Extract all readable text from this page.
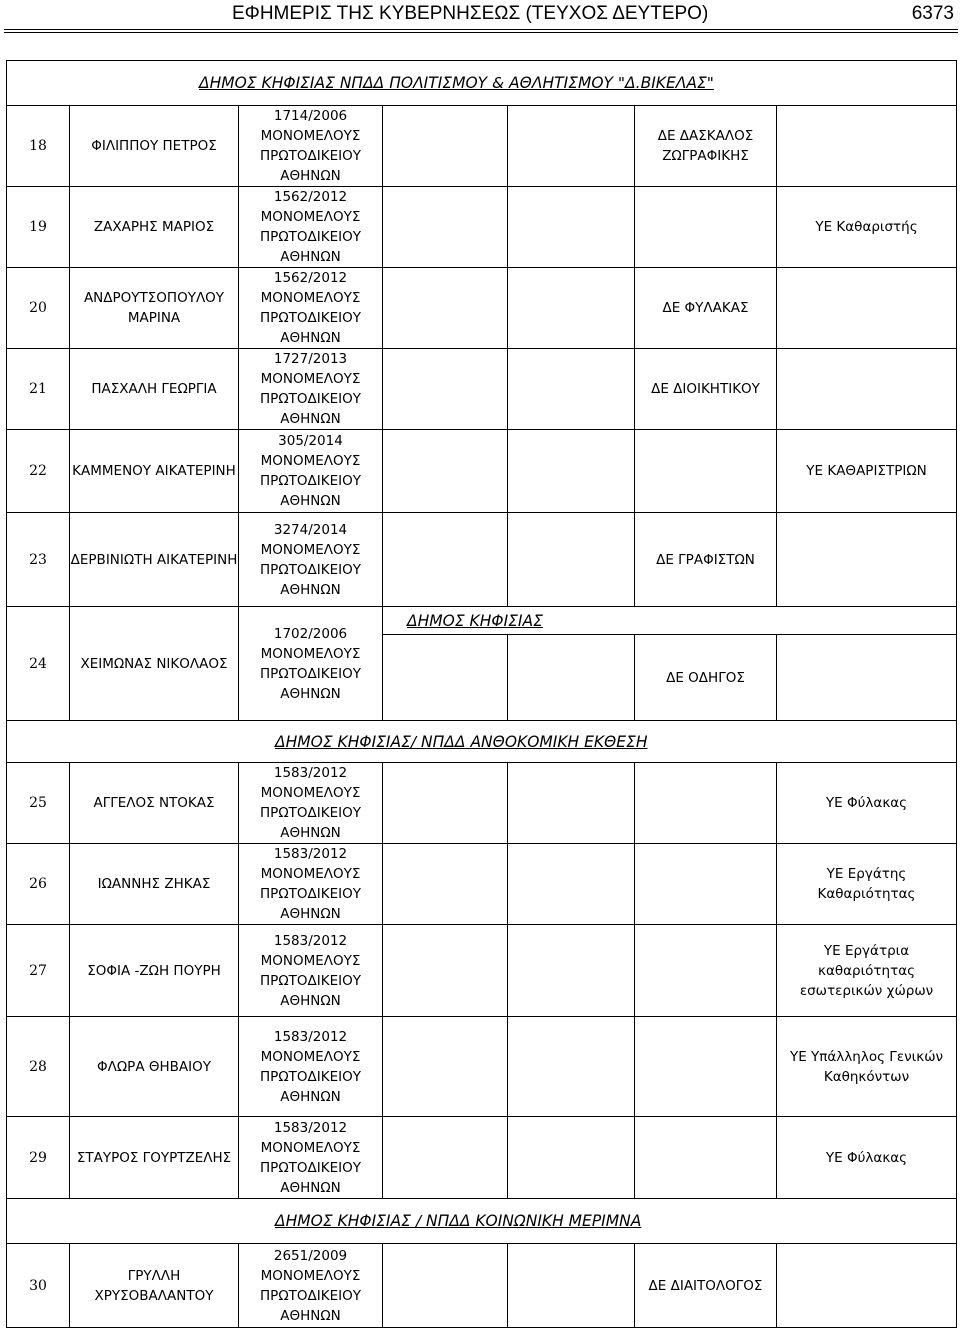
ΕΦΗΜΕΡΙΣ ΤΗΣ ΚΥΒΕΡΝΗΣΕΩΣ (ΤΕΥΧΟΣ ΔΕΥΤΕΡΟ)	6373
ΔΗΜΟΣ ΚΗΦΙΣΙΑΣ ΝΠΔΔ ΠΟΛΙΤΙΣΜΟΥ & ΑΘΛΗΤΙΣΜΟΥ "Δ.ΒΙΚΕΛΑΣ"						
18	ΦΙΛΙΠΠΟΥ ΠΕΤΡΟΣ	1714/2006
ΜΟΝΟΜΕΛΟΥΣ
ΠΡΩΤΟΔΙΚΕΙΟΥ
ΑΘΗΝΩΝ			ΔΕ ΔΑΣΚΑΛΟΣ ΖΩΓΡΑΦΙΚΗΣ	
19	ΖΑΧΑΡΗΣ ΜΑΡΙΟΣ	1562/2012
ΜΟΝΟΜΕΛΟΥΣ
ΠΡΩΤΟΔΙΚΕΙΟΥ
ΑΘΗΝΩΝ				ΥΕ Καθαριστής
20	ΑΝΔΡΟΥΤΣΟΠΟΥΛΟΥ ΜΑΡΙΝΑ	1562/2012
ΜΟΝΟΜΕΛΟΥΣ
ΠΡΩΤΟΔΙΚΕΙΟΥ
ΑΘΗΝΩΝ			ΔΕ ΦΥΛΑΚΑΣ	
21	ΠΑΣΧΑΛΗ ΓΕΩΡΓΙΑ	1727/2013
ΜΟΝΟΜΕΛΟΥΣ
ΠΡΩΤΟΔΙΚΕΙΟΥ
ΑΘΗΝΩΝ			ΔΕ ΔΙΟΙΚΗΤΙΚΟΥ	
22	ΚΑΜΜΕΝΟΥ ΑΙΚΑΤΕΡΙΝΗ	305/2014
ΜΟΝΟΜΕΛΟΥΣ
ΠΡΩΤΟΔΙΚΕΙΟΥ
ΑΘΗΝΩΝ				ΥΕ ΚΑΘΑΡΙΣΤΡΙΩΝ
23	ΔΕΡΒΙΝΙΩΤΗ ΑΙΚΑΤΕΡΙΝΗ	3274/2014
ΜΟΝΟΜΕΛΟΥΣ
ΠΡΩΤΟΔΙΚΕΙΟΥ
ΑΘΗΝΩΝ			ΔΕ ΓΡΑΦΙΣΤΩΝ	
24	ΧΕΙΜΩΝΑΣ ΝΙΚΟΛΑΟΣ	1702/2006
ΜΟΝΟΜΕΛΟΥΣ
ΠΡΩΤΟΔΙΚΕΙΟΥ
ΑΘΗΝΩΝ	ΔΗΜΟΣ ΚΗΦΙΣΙΑΣ			
					ΔΕ ΟΔΗΓΟΣ	
ΔΗΜΟΣ ΚΗΦΙΣΙΑΣ/ ΝΠΔΔ ΑΝΘΟΚΟΜΙΚΗ ΕΚΘΕΣΗ						
25	ΑΓΓΕΛΟΣ ΝΤΟΚΑΣ	1583/2012
ΜΟΝΟΜΕΛΟΥΣ
ΠΡΩΤΟΔΙΚΕΙΟΥ
ΑΘΗΝΩΝ				ΥΕ Φύλακας
26	ΙΩΑΝΝΗΣ ΖΗΚΑΣ	1583/2012
ΜΟΝΟΜΕΛΟΥΣ
ΠΡΩΤΟΔΙΚΕΙΟΥ
ΑΘΗΝΩΝ				ΥΕ Εργάτης Καθαριότητας
27	ΣΟΦΙΑ -ΖΩΗ ΠΟΥΡΗ	1583/2012
ΜΟΝΟΜΕΛΟΥΣ
ΠΡΩΤΟΔΙΚΕΙΟΥ
ΑΘΗΝΩΝ				ΥΕ Εργάτρια καθαριότητας εσωτερικών χώρων
28	ΦΛΩΡΑ ΘΗΒΑΙΟΥ	1583/2012
ΜΟΝΟΜΕΛΟΥΣ
ΠΡΩΤΟΔΙΚΕΙΟΥ
ΑΘΗΝΩΝ				ΥΕ Υπάλληλος Γενικών Καθηκόντων
29	ΣΤΑΥΡΟΣ ΓΟΥΡΤΖΕΛΗΣ	1583/2012
ΜΟΝΟΜΕΛΟΥΣ
ΠΡΩΤΟΔΙΚΕΙΟΥ
ΑΘΗΝΩΝ				ΥΕ Φύλακας
ΔΗΜΟΣ ΚΗΦΙΣΙΑΣ / ΝΠΔΔ ΚΟΙΝΩΝΙΚΗ ΜΕΡΙΜΝΑ						
30	ΓΡΥΛΛΗ ΧΡΥΣΟΒΑΛΑΝΤΟΥ	2651/2009
ΜΟΝΟΜΕΛΟΥΣ
ΠΡΩΤΟΔΙΚΕΙΟΥ
ΑΘΗΝΩΝ			ΔΕ ΔΙΑΙΤΟΛΟΓΟΣ	
